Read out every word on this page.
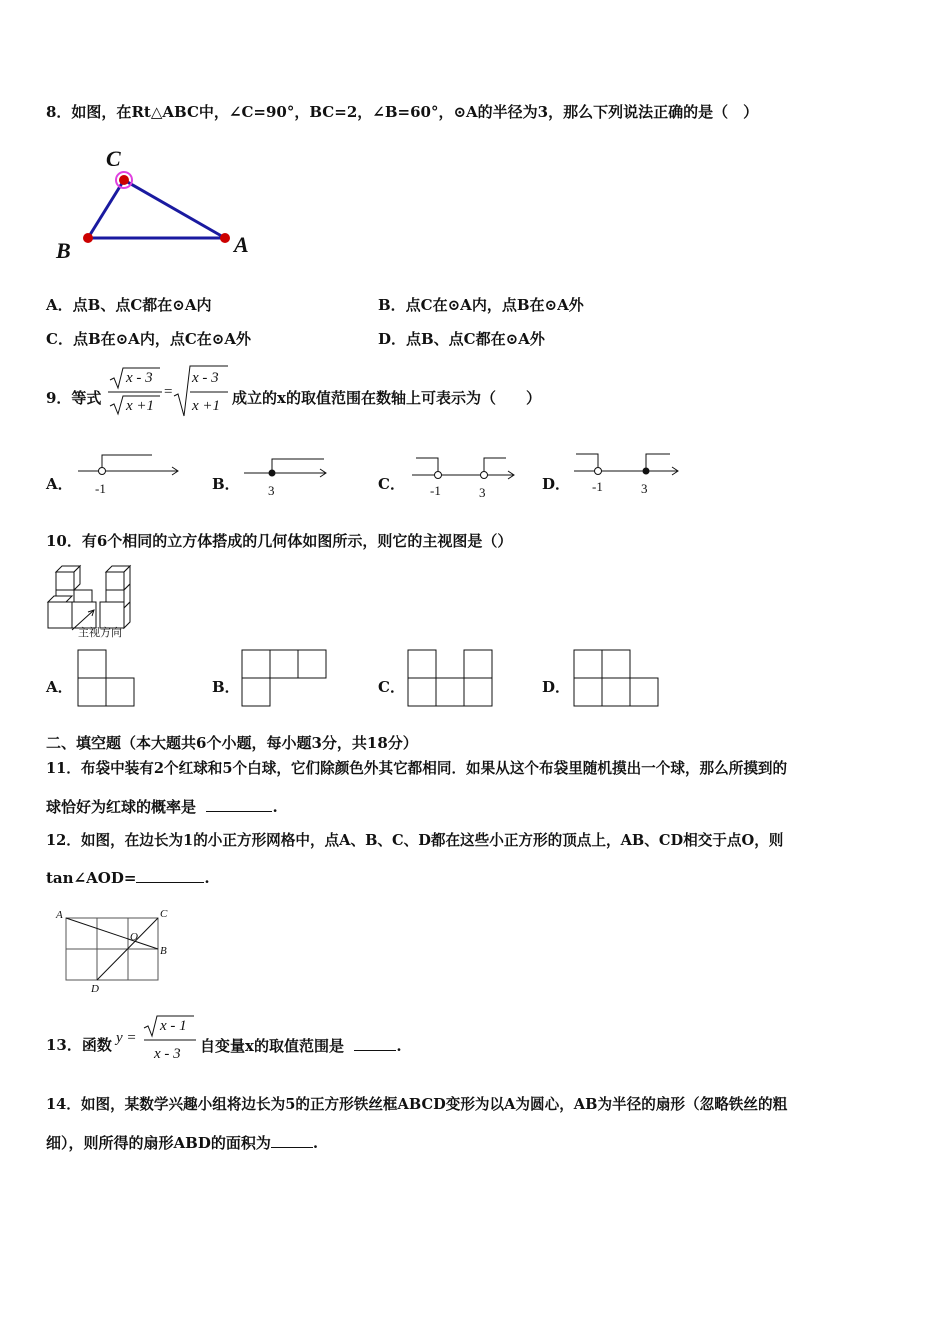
8．如图，在Rt△ABC中，∠C=90°，BC=2，∠B=60°，⊙A的半径为3，那么下列说法正确的是（　）
C
B	A
A．点B、点C都在⊙A内	B．点C在⊙A内，点B在⊙A外
C．点B在⊙A内，点C在⊙A外	D．点B、点C都在⊙A外
9．等式
x - 3
x +1
=
x - 3
x +1 成立的x的取值范围在数轴上可表示为（　　）
A． -1	B． 3	C． -1	3	D． -1	3
10．有6个相同的立方体搭成的几何体如图所示，则它的主视图是（）
主视方向
A．	B．	C．	D．
二、填空题（本大题共6个小题，每小题3分，共18分）
11．布袋中装有2个红球和5个白球，它们除颜色外其它都相同．如果从这个布袋里随机摸出一个球，那么所摸到的
球恰好为红球的概率是	.
12．如图，在边长为1的小正方形网格中，点A、B、C、D都在这些小正方形的顶点上，AB、CD相交于点O，则
tan∠AOD=	.
A	C
B
O
D
13．函数 y =
x - 1
x - 3 自变量x的取值范围是	.
14．如图，某数学兴趣小组将边长为5的正方形铁丝框ABCD变形为以A为圆心，AB为半径的扇形（忽略铁丝的粗
细），则所得的扇形ABD的面积为	.
